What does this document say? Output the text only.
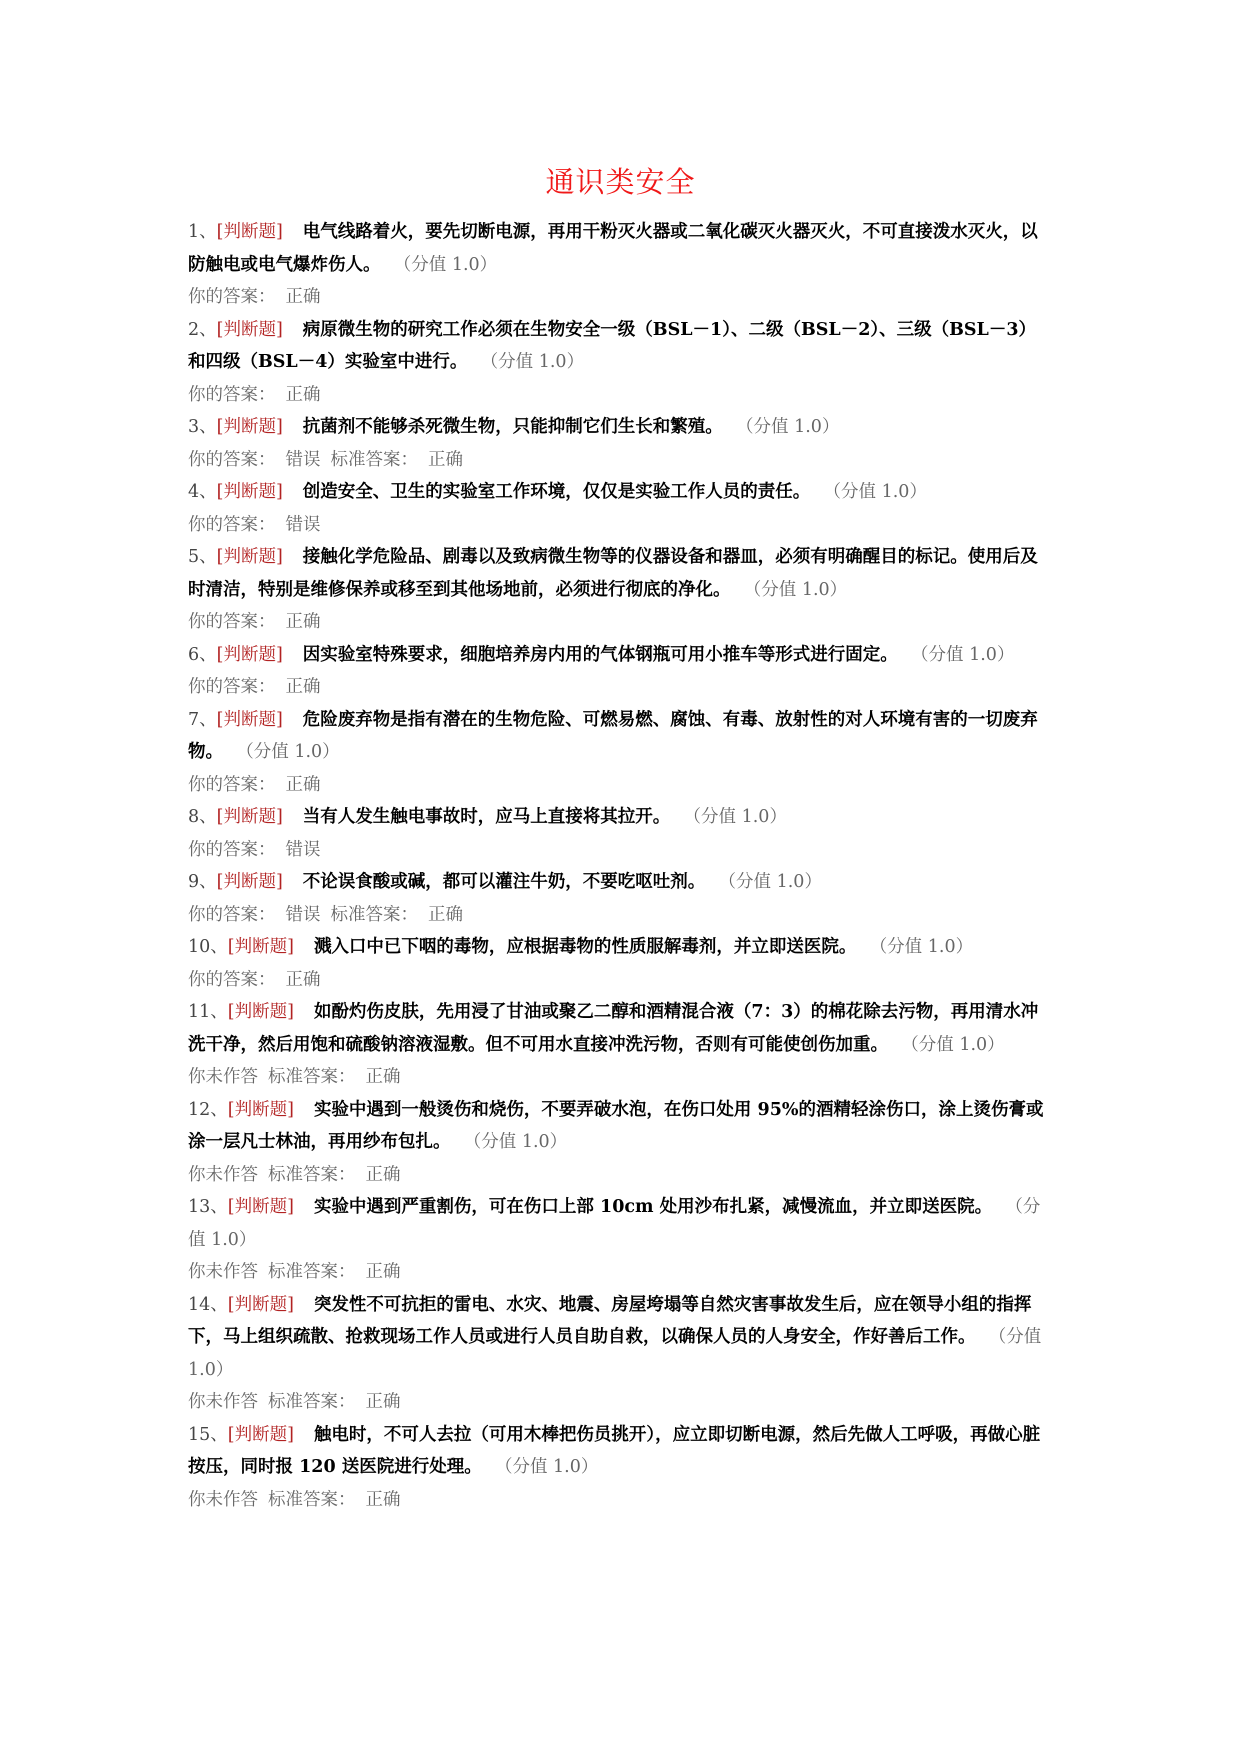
通识类安全
1、[判断题] 电气线路着火，要先切断电源，再用干粉灭火器或二氧化碳灭火器灭火，不可直接泼水灭火，以防触电或电气爆炸伤人。 （分值 1.0）
你的答案： 正确
2、[判断题] 病原微生物的研究工作必须在生物安全一级（BSL－1）、二级（BSL－2）、三级（BSL－3）和四级（BSL－4）实验室中进行。 （分值 1.0）
你的答案： 正确
3、[判断题] 抗菌剂不能够杀死微生物，只能抑制它们生长和繁殖。 （分值 1.0）
你的答案： 错误 标准答案： 正确
4、[判断题] 创造安全、卫生的实验室工作环境，仅仅是实验工作人员的责任。 （分值 1.0）
你的答案： 错误
5、[判断题] 接触化学危险品、剧毒以及致病微生物等的仪器设备和器皿，必须有明确醒目的标记。使用后及时清洁，特别是维修保养或移至到其他场地前，必须进行彻底的净化。 （分值 1.0）
你的答案： 正确
6、[判断题] 因实验室特殊要求，细胞培养房内用的气体钢瓶可用小推车等形式进行固定。 （分值 1.0）
你的答案： 正确
7、[判断题] 危险废弃物是指有潜在的生物危险、可燃易燃、腐蚀、有毒、放射性的对人环境有害的一切废弃物。 （分值 1.0）
你的答案： 正确
8、[判断题] 当有人发生触电事故时，应马上直接将其拉开。 （分值 1.0）
你的答案： 错误
9、[判断题] 不论误食酸或碱，都可以灌注牛奶，不要吃呕吐剂。 （分值 1.0）
你的答案： 错误 标准答案： 正确
10、[判断题] 溅入口中已下咽的毒物，应根据毒物的性质服解毒剂，并立即送医院。 （分值 1.0）
你的答案： 正确
11、[判断题] 如酚灼伤皮肤，先用浸了甘油或聚乙二醇和酒精混合液（7：3）的棉花除去污物，再用清水冲洗干净，然后用饱和硫酸钠溶液湿敷。但不可用水直接冲洗污物，否则有可能使创伤加重。 （分值 1.0）
你未作答 标准答案： 正确
12、[判断题] 实验中遇到一般烫伤和烧伤，不要弄破水泡，在伤口处用 95%的酒精轻涂伤口，涂上烫伤膏或涂一层凡士林油，再用纱布包扎。 （分值 1.0）
你未作答 标准答案： 正确
13、[判断题] 实验中遇到严重割伤，可在伤口上部 10cm 处用沙布扎紧，减慢流血，并立即送医院。 （分值 1.0）
你未作答 标准答案： 正确
14、[判断题] 突发性不可抗拒的雷电、水灾、地震、房屋垮塌等自然灾害事故发生后，应在领导小组的指挥下，马上组织疏散、抢救现场工作人员或进行人员自助自救，以确保人员的人身安全，作好善后工作。 （分值 1.0）
你未作答 标准答案： 正确
15、[判断题] 触电时，不可人去拉（可用木棒把伤员挑开），应立即切断电源，然后先做人工呼吸，再做心脏按压，同时报 120 送医院进行处理。 （分值 1.0）
你未作答 标准答案： 正确
